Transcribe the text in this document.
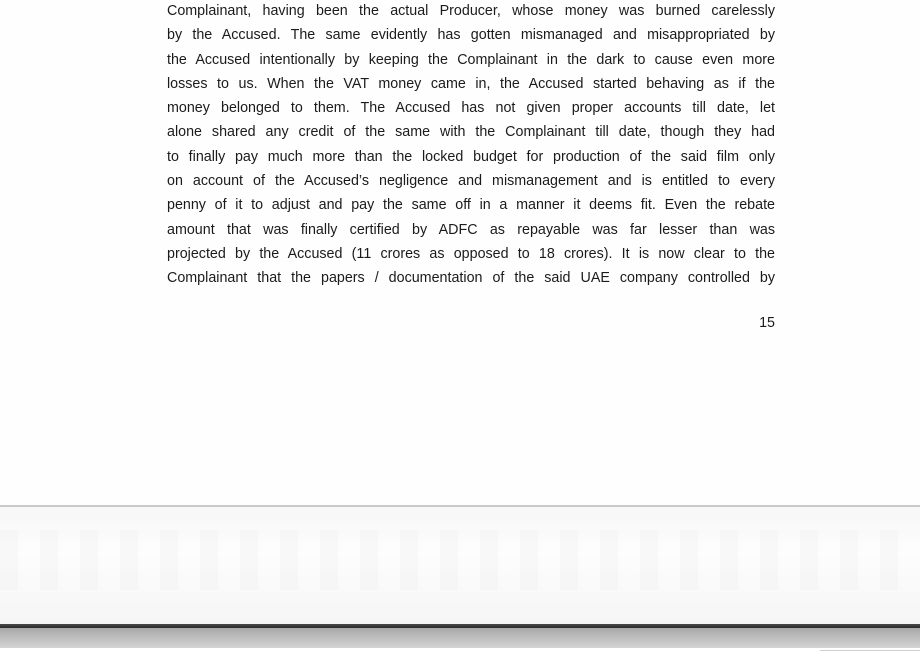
Complainant, having been the actual Producer, whose money was burned carelessly
by the Accused. The same evidently has gotten mismanaged and misappropriated by
the Accused intentionally by keeping the Complainant in the dark to cause even more
losses to us. When the VAT money came in, the Accused started behaving as if the
money belonged to them. The Accused has not given proper accounts till date, let
alone shared any credit of the same with the Complainant till date, though they had
to finally pay much more than the locked budget for production of the said film only
on account of the Accused’s negligence and mismanagement and is entitled to every
penny of it to adjust and pay the same off in a manner it deems fit. Even the rebate
amount that was finally certified by ADFC as repayable was far lesser than was
projected by the Accused (11 crores as opposed to 18 crores). It is now clear to the
Complainant that the papers / documentation of the said UAE company controlled by
15
